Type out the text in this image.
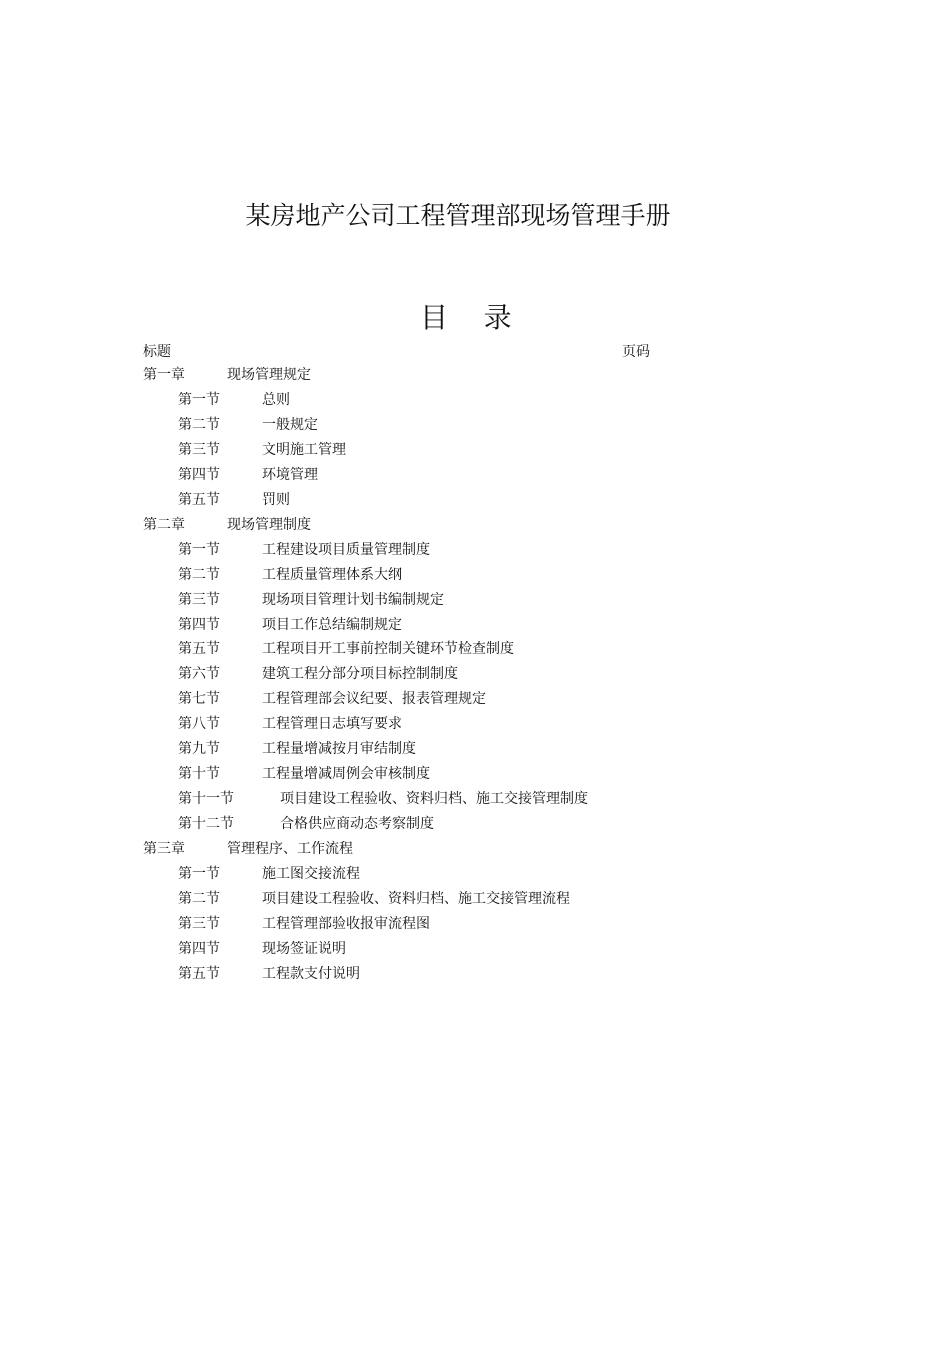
某房地产公司工程管理部现场管理手册
目    录
标题	页码
第一章	现场管理规定
第一节	总则
第二节	一般规定
第三节	文明施工管理
第四节	环境管理
第五节	罚则
第二章	现场管理制度
第一节	工程建设项目质量管理制度
第二节	工程质量管理体系大纲
第三节	现场项目管理计划书编制规定
第四节	项目工作总结编制规定
第五节	工程项目开工事前控制关键环节检查制度
第六节	建筑工程分部分项目标控制制度
第七节	工程管理部会议纪要、报表管理规定
第八节	工程管理日志填写要求
第九节	工程量增减按月审结制度
第十节	工程量增减周例会审核制度
第十一节	项目建设工程验收、资料归档、施工交接管理制度
第十二节	合格供应商动态考察制度
第三章	管理程序、工作流程
第一节	施工图交接流程
第二节	项目建设工程验收、资料归档、施工交接管理流程
第三节	工程管理部验收报审流程图
第四节	现场签证说明
第五节	工程款支付说明
